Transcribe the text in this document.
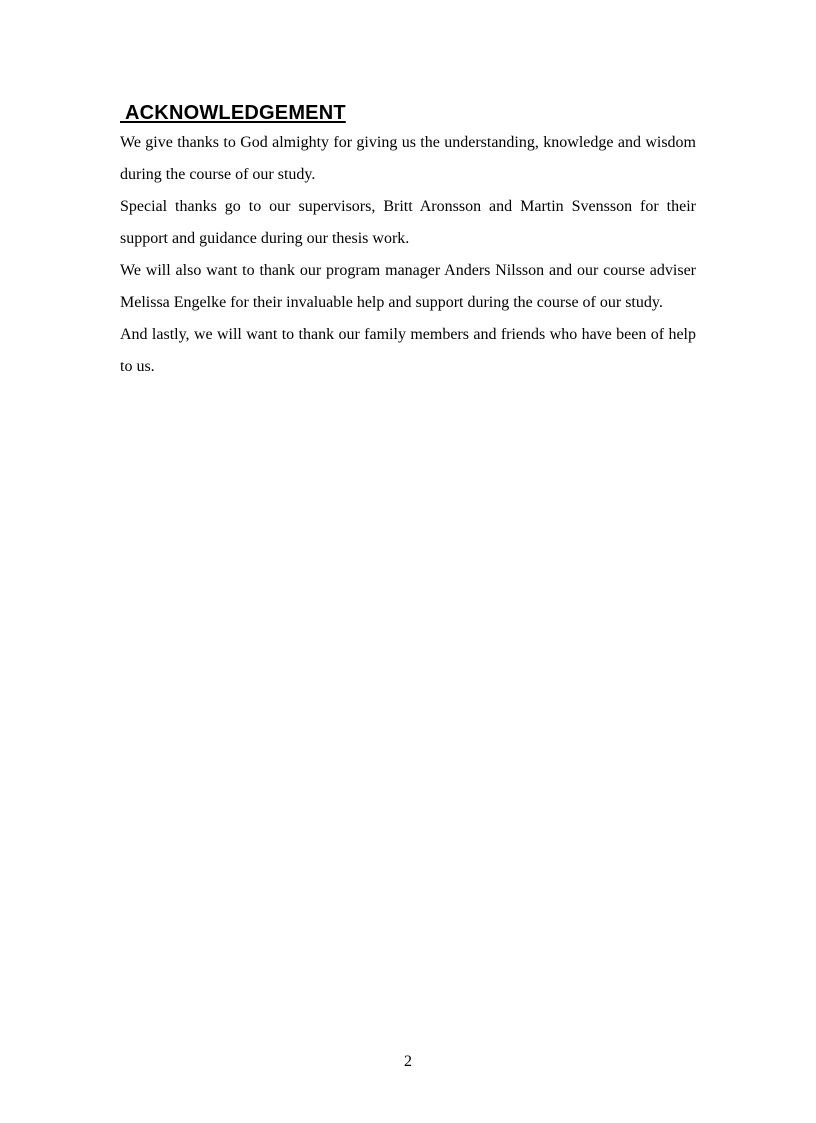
ACKNOWLEDGEMENT

We give thanks to God almighty for giving us the understanding, knowledge and wisdom during the course of our study.

Special thanks go to our supervisors, Britt Aronsson and Martin Svensson for their support and guidance during our thesis work.

We will also want to thank our program manager Anders Nilsson and our course adviser Melissa Engelke for their invaluable help and support during the course of our study.

And lastly, we will want to thank our family members and friends who have been of help to us.

2
